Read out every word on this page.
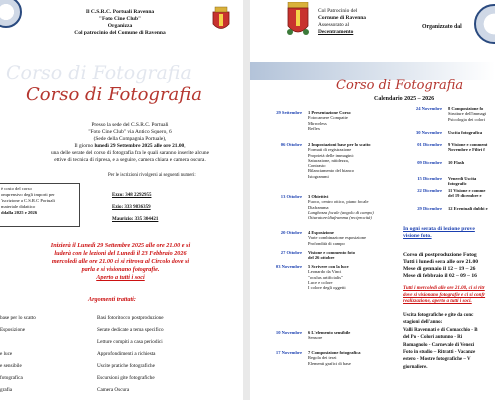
Il C.S.R.C. Portuali Ravenna
"Foto Cine Club"
Organizza
Col patrocinio del Comune di Ravenna
Corso di Fotografia
Corso di Fotografia
Presso la sede del C.S.R.C. Portuali
"Foto Cine Club" via Antico Squero, 6
(Sede della Compagnia Portuale),
Il giorno lunedì 29 Settembre 2025 alle ore 21.00,
una delle serate del corso di fotografia fra le quali saranno inserite alcune
ettive di tecnica di ripresa, e a seguire, camera chiara e camera oscura.
Per le iscrizioni rivolgersi ai seguenti numeri:
è costo del corso
omprensivo degli importi per
'iscrizione a C.S.R.C Portuali
materiale didattico
ddalla 2025 e 2026
Ezzo: 348 2292955
Ezio: 333 9836359
Maurizio: 335 304421
Inizierà il Lunedì 29 Settembre 2025 alle ore 21.00 e si
luderà con le lezioni del Lunedì il 23 Febbraio 2026
mercoledì alle ore 21.00 ci si ritrova al Circolo dove si
parla e si visionano fotografie.
Aperto a tutti i soci
Argomenti trattati:
base per lo scatto
Esposizione
e luce
e sensibile
fotografica
grafia
Basi fotoritocco postproduzione
Serate dedicate a tema specifico
Letture compiti a casa periodici
Approfondimenti a richiesta
Uscite pratiche fotografiche
Escursioni gite fotografiche
Camera Oscura
Col Patrocinio del
Cornune di Ravenna
Assessorato al
Decentramento
Organizzato dal
Corso di Fotografia
Calendario 2025 – 2026
29 Settembre 1 Presentazione Corso
Fotocamere Compatte
Mirrorless
Reflex
06 Ottobre 2 Impostazioni base per lo scatto
Formati di registrazione
Proprietà delle immagini:
Saturazione, nitidezza,
Contrasto
Bilanciamento del bianco
Istogrammi
13 Ottobre 3 Obiettivi
Fuoco, centro ottico, piano focale
Diaframma
Lunghezza focale (angolo di campo)
Otturatore/diaframma (reciprocità)
20 Ottobre 4 Esposizione
Varie combinazione esposizione
Profondità di campo
27 Ottobre Visione e commento foto
del 26 ottobre
03 Novembre 5 Scrivere con la luce
Leonardo da Vinci
"oculus artificialis"
Luce e colore
I colore degli oggetti
10 Novembre 6 L'elemento sensibile
Sensore
17 Novembre 7 Composizione fotografica
Regola dei terzi
Elementi grafici di base
24 Novembre 8 Composizione fo
Strutture dell'immagi
Psicologia dei colori
30 Novembre Uscita fotografica
01 Dicembre 9 Visione e comment
Novembre e Filtri f
09 Dicembre 10 Flash
15 Dicembre Venerdì Uscita fotografic
22 Dicembre 11 Visione e comme
del 19 dicembre e
29 Dicembre 12 Eventuali dubbi e
In ogni serata di lezione prove
visione foto.
Corso di postproduzione Fotog
Tutti i lunedì sera alle ore 21.00
Mese di gennaio il 12 – 19 – 26
Mese di febbraio il 02 – 09 – 16
Tutti i mercoledì alle ore 21.00, ci si ritr
dove si visionano fotografie e ci si confr
realizzazione, aperto a tutti i soci.
Uscita fotografiche e gite da conc
stagioni dell'anno:
Valli Ravennati e di Comacchio - B
del Po - Colori autunno - Ri
Romagnolo - Carnevale di Venezi
Foto in studio – Ritratti - Vacanze
estero - Mostre fotografiche – V
giornaliere.
